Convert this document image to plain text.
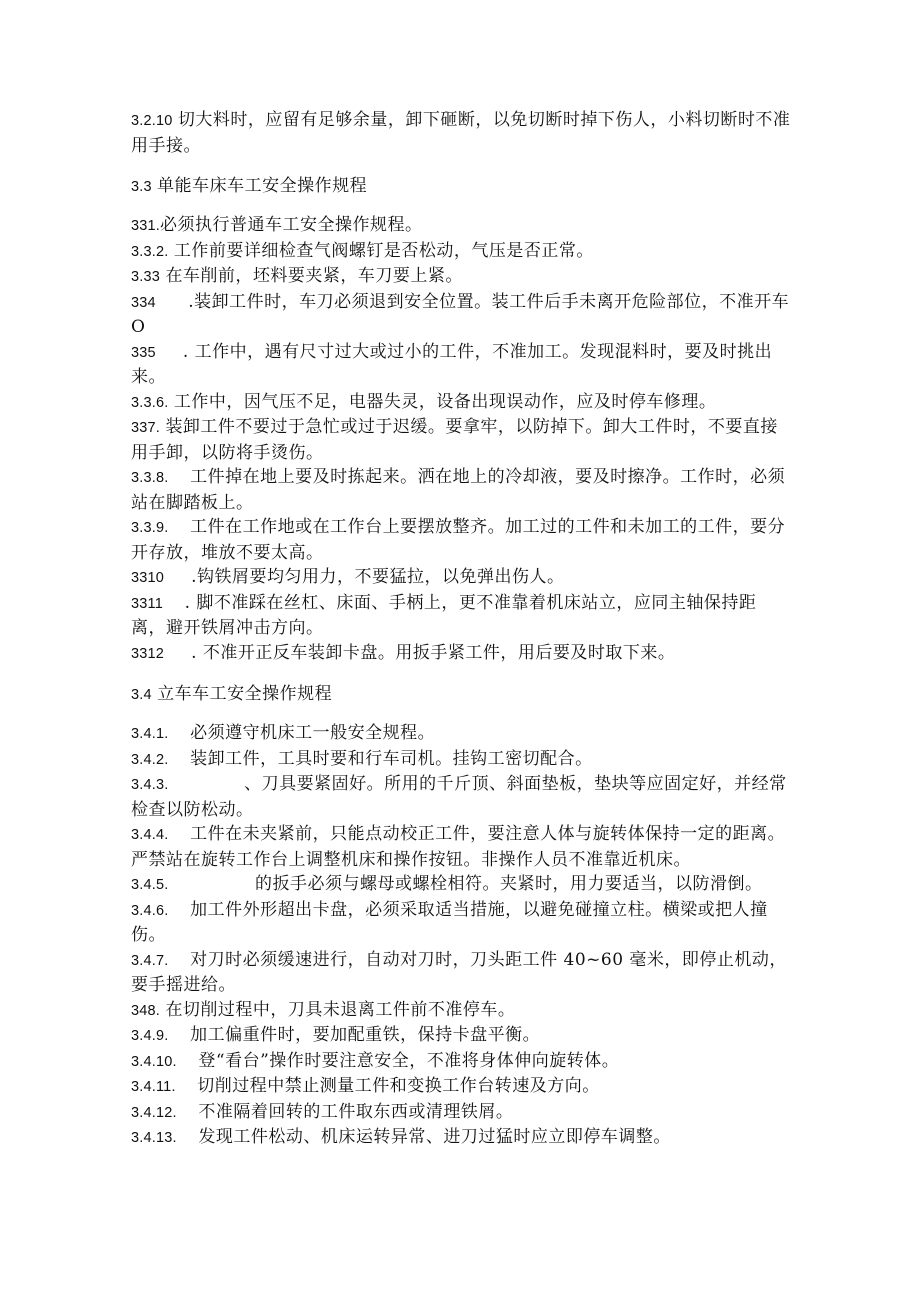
3.2.10 切大料时，应留有足够余量，卸下砸断，以免切断时掉下伤人，小料切断时不准用手接。

3.3 单能车床车工安全操作规程

331.必须执行普通车工安全操作规程。

3.3.2. 工作前要详细检查气阀螺钉是否松动，气压是否正常。

3.33 在车削前，坯料要夹紧，车刀要上紧。

334 .装卸工件时，车刀必须退到安全位置。装工件后手未离开危险部位，不准开车 O

335 . 工作中，遇有尺寸过大或过小的工件，不准加工。发现混料时，要及时挑出来。

3.3.6. 工作中，因气压不足，电器失灵，设备出现误动作，应及时停车修理。

337. 装卸工件不要过于急忙或过于迟缓。要拿牢，以防掉下。卸大工件时，不要直接用手卸，以防将手烫伤。

3.3.8. 工件掉在地上要及时拣起来。洒在地上的冷却液，要及时擦净。工作时，必须站在脚踏板上。

3.3.9. 工件在工作地或在工作台上要摆放整齐。加工过的工件和未加工的工件，要分开存放，堆放不要太高。

3310 .钩铁屑要均匀用力，不要猛拉，以免弹出伤人。

3311 . 脚不准踩在丝杠、床面、手柄上，更不准靠着机床站立，应同主轴保持距离，避开铁屑冲击方向。

3312 . 不准开正反车装卸卡盘。用扳手紧工件，用后要及时取下来。

3.4 立车车工安全操作规程

3.4.1. 必须遵守机床工一般安全规程。

3.4.2. 装卸工件，工具时要和行车司机。挂钩工密切配合。

3.4.3.	、刀具要紧固好。所用的千斤顶、斜面垫板，垫块等应固定好，并经常检查以防松动。

3.4.4. 工件在未夹紧前，只能点动校正工件，要注意人体与旋转体保持一定的距离。严禁站在旋转工作台上调整机床和操作按钮。非操作人员不准靠近机床。

3.4.5.	的扳手必须与螺母或螺栓相符。夹紧时，用力要适当，以防滑倒。

3.4.6. 加工件外形超出卡盘，必须采取适当措施，以避免碰撞立柱。横梁或把人撞伤。

3.4.7. 对刀时必须缓速进行，自动对刀时，刀头距工件 40~60 毫米，即停止机动，要手摇进给。

348. 在切削过程中，刀具未退离工件前不准停车。

3.4.9. 加工偏重件时，要加配重铁，保持卡盘平衡。

3.4.10. 登“看台”操作时要注意安全，不准将身体伸向旋转体。

3.4.11. 切削过程中禁止测量工件和变换工作台转速及方向。

3.4.12. 不准隔着回转的工件取东西或清理铁屑。

3.4.13. 发现工件松动、机床运转异常、进刀过猛时应立即停车调整。
